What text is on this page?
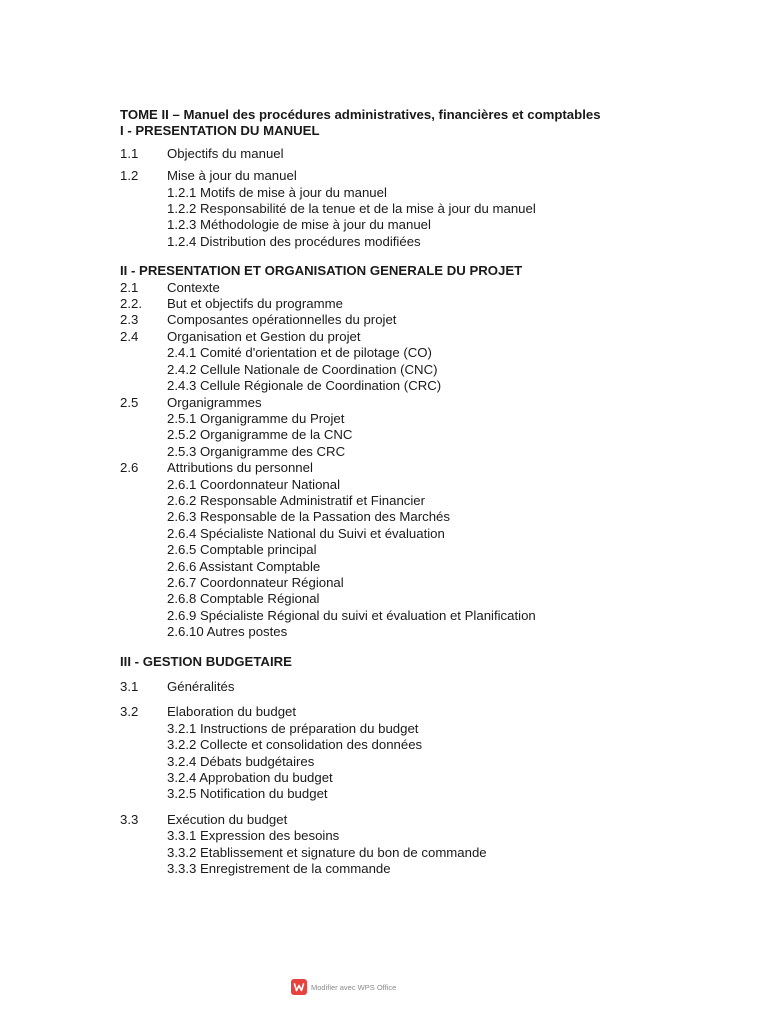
TOME II – Manuel des procédures administratives, financières et comptables
I - PRESENTATION DU MANUEL
1.1	Objectifs du manuel
1.2	Mise à jour du manuel
1.2.1 Motifs de mise à jour du manuel
1.2.2 Responsabilité de la tenue et de la mise à jour du manuel
1.2.3 Méthodologie de mise à jour du manuel
1.2.4 Distribution des procédures modifiées
II - PRESENTATION ET ORGANISATION GENERALE DU PROJET
2.1	Contexte
2.2.	But et objectifs du programme
2.3	Composantes opérationnelles du projet
2.4	Organisation et Gestion du projet
2.4.1 Comité d'orientation et de pilotage (CO)
2.4.2 Cellule Nationale de Coordination (CNC)
2.4.3 Cellule Régionale de Coordination (CRC)
2.5	Organigrammes
2.5.1 Organigramme du Projet
2.5.2 Organigramme de la CNC
2.5.3 Organigramme des CRC
2.6	Attributions du personnel
2.6.1 Coordonnateur National
2.6.2 Responsable Administratif et Financier
2.6.3 Responsable de la Passation des Marchés
2.6.4 Spécialiste National du Suivi et évaluation
2.6.5 Comptable principal
2.6.6 Assistant Comptable
2.6.7 Coordonnateur Régional
2.6.8 Comptable Régional
2.6.9 Spécialiste Régional du suivi et évaluation et Planification
2.6.10 Autres postes
III - GESTION BUDGETAIRE
3.1	Généralités
3.2	Elaboration du budget
3.2.1 Instructions de préparation du budget
3.2.2 Collecte et consolidation des données
3.2.4 Débats budgétaires
3.2.4 Approbation du budget
3.2.5 Notification du budget
3.3	Exécution du budget
3.3.1 Expression des besoins
3.3.2 Etablissement et signature du bon de commande
3.3.3 Enregistrement de la commande
Modifier avec WPS Office
